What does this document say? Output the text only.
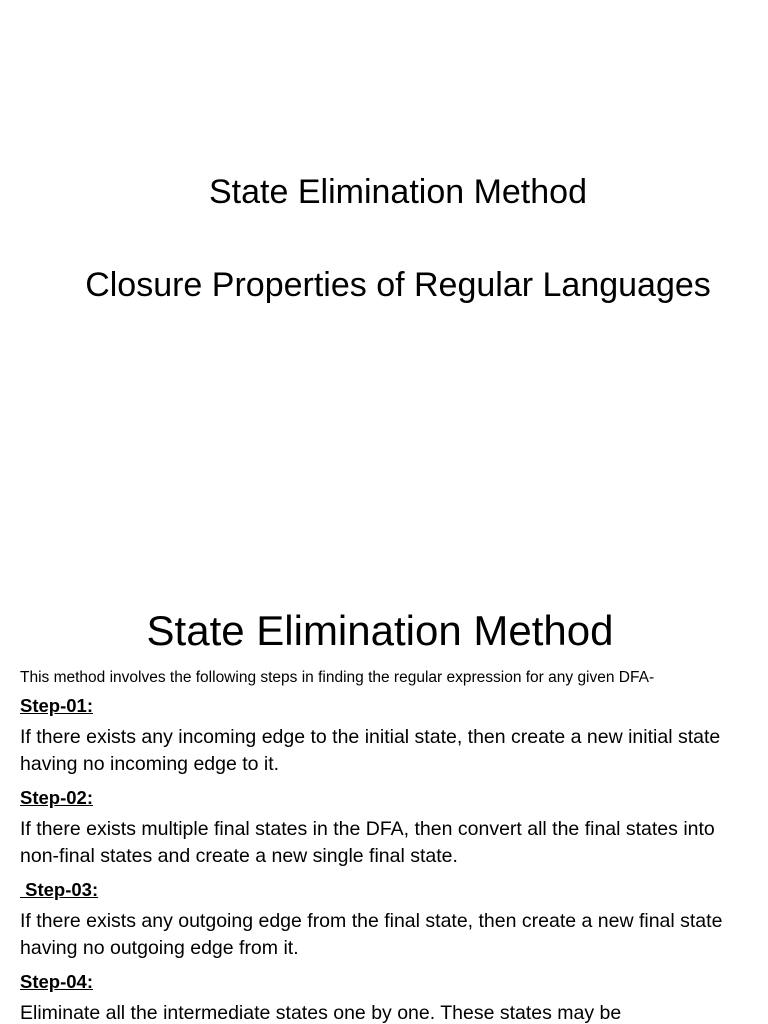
State Elimination Method
Closure Properties of Regular Languages
State Elimination Method

This method involves the following steps in finding the regular expression for any given DFA-

Step-01:

If there exists any incoming edge to the initial state, then create a new initial state having no incoming edge to it.

Step-02:

If there exists multiple final states in the DFA, then convert all the final states into non-final states and create a new single final state.

Step-03:

If there exists any outgoing edge from the final state, then create a new final state having no outgoing edge from it.

Step-04:

Eliminate all the intermediate states one by one. These states may be
